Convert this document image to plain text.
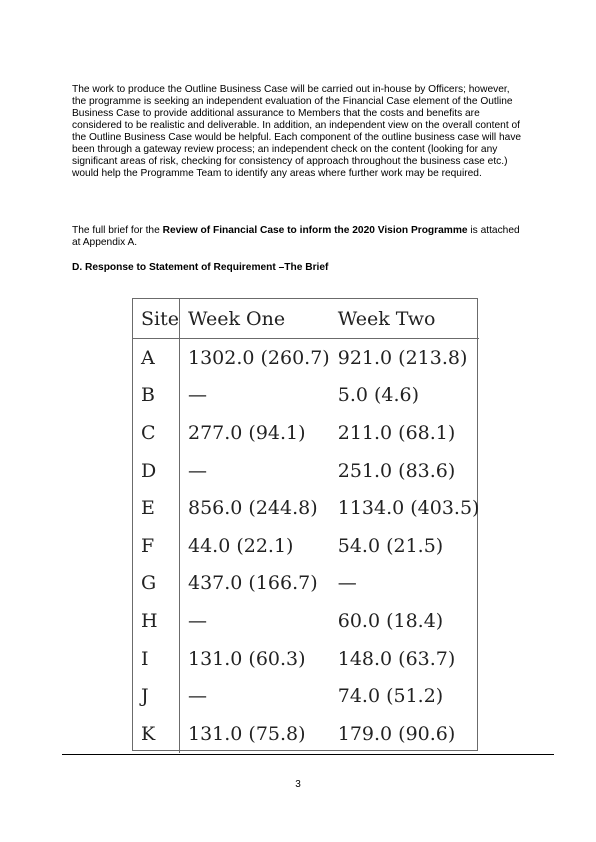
The work to produce the Outline Business Case will be carried out in-house by Officers; however, the programme is seeking an independent evaluation of the Financial Case element of the Outline Business Case to provide additional assurance to Members that the costs and benefits are considered to be realistic and deliverable. In addition, an independent view on the overall content of the Outline Business Case would be helpful. Each component of the outline business case will have been through a gateway review process; an independent check on the content (looking for any significant areas of risk, checking for consistency of approach throughout the business case etc.) would help the Programme Team to identify any areas where further work may be required.

The full brief for the Review of Financial Case to inform the 2020 Vision Programme is attached at Appendix A.

D. Response to Statement of Requirement –The Brief

Site	Week One	Week Two
A	1302.0 (260.7)	921.0 (213.8)
B	—	5.0 (4.6)
C	277.0 (94.1)	211.0 (68.1)
D	—	251.0 (83.6)
E	856.0 (244.8)	1134.0 (403.5)
F	44.0 (22.1)	54.0 (21.5)
G	437.0 (166.7)	—
H	—	60.0 (18.4)
I	131.0 (60.3)	148.0 (63.7)
J	—	74.0 (51.2)
K	131.0 (75.8)	179.0 (90.6)
3
